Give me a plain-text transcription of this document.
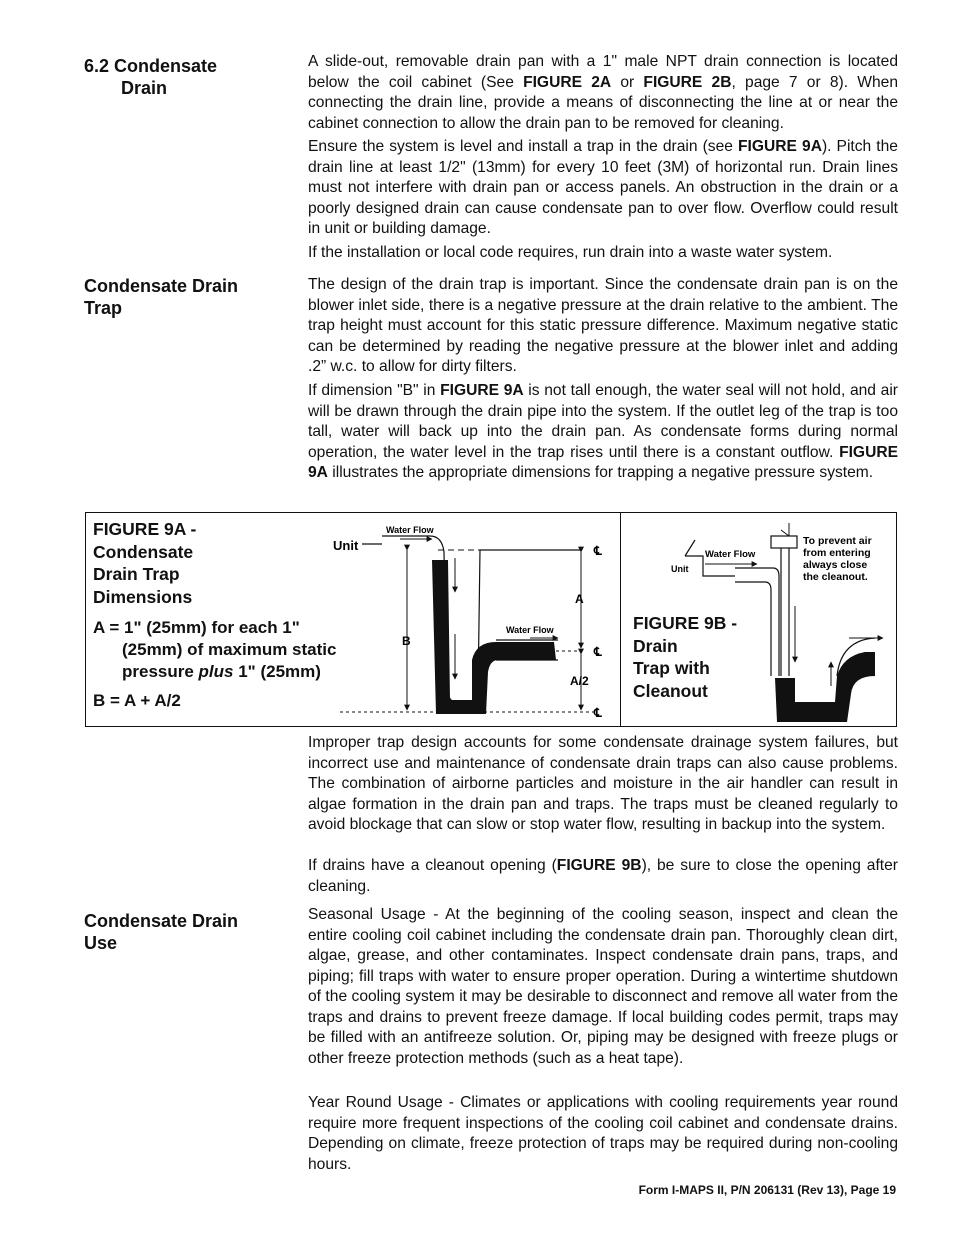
6.2 Condensate
Drain

A slide-out, removable drain pan with a 1" male NPT drain connection is located below the coil cabinet (See FIGURE 2A or FIGURE 2B, page 7 or 8). When connecting the drain line, provide a means of disconnecting the line at or near the cabinet connection to allow the drain pan to be removed for cleaning.

Ensure the system is level and install a trap in the drain (see FIGURE 9A). Pitch the drain line at least 1/2" (13mm) for every 10 feet (3M) of horizontal run. Drain lines must not interfere with drain pan or access panels. An obstruction in the drain or a poorly designed drain can cause condensate pan to over flow. Overflow could result in unit or building damage.

If the installation or local code requires, run drain into a waste water system.

Condensate Drain
Trap

The design of the drain trap is important. Since the condensate drain pan is on the blower inlet side, there is a negative pressure at the drain relative to the ambient. The trap height must account for this static pressure difference. Maximum negative static can be determined by reading the negative pressure at the blower inlet and adding .2” w.c. to allow for dirty filters.

If dimension "B" in FIGURE 9A is not tall enough, the water seal will not hold, and air will be drawn through the drain pipe into the system. If the outlet leg of the trap is too tall, water will back up into the drain pan. As condensate forms during normal operation, the water level in the trap rises until there is a constant outflow. FIGURE 9A illustrates the appropriate dimensions for trapping a negative pressure system.

FIGURE 9A -
Condensate
Drain Trap
Dimensions
A = 1" (25mm) for each 1"
(25mm) of maximum static
pressure plus 1" (25mm)
B = A + A/2
Unit
Water Flow
Water Flow
B
A
A/2
℄
℄
℄
FIGURE 9B -
Drain
Trap with
Cleanout
Unit
Water Flow
To prevent air
from entering
always close
the cleanout.

Improper trap design accounts for some condensate drainage system failures, but incorrect use and maintenance of condensate drain traps can also cause problems. The combination of airborne particles and moisture in the air handler can result in algae formation in the drain pan and traps. The traps must be cleaned regularly to avoid blockage that can slow or stop water flow, resulting in backup into the system.

If drains have a cleanout opening (FIGURE 9B), be sure to close the opening after cleaning.

Condensate Drain
Use

Seasonal Usage - At the beginning of the cooling season, inspect and clean the entire cooling coil cabinet including the condensate drain pan. Thoroughly clean dirt, algae, grease, and other contaminates. Inspect condensate drain pans, traps, and piping; fill traps with water to ensure proper operation. During a wintertime shutdown of the cooling system it may be desirable to disconnect and remove all water from the traps and drains to prevent freeze damage. If local building codes permit, traps may be filled with an antifreeze solution. Or, piping may be designed with freeze plugs or other freeze protection methods (such as a heat tape).

Year Round Usage - Climates or applications with cooling requirements year round require more frequent inspections of the cooling coil cabinet and condensate drains. Depending on climate, freeze protection of traps may be required during non-cooling hours.

Form I-MAPS II, P/N 206131 (Rev 13), Page 19
